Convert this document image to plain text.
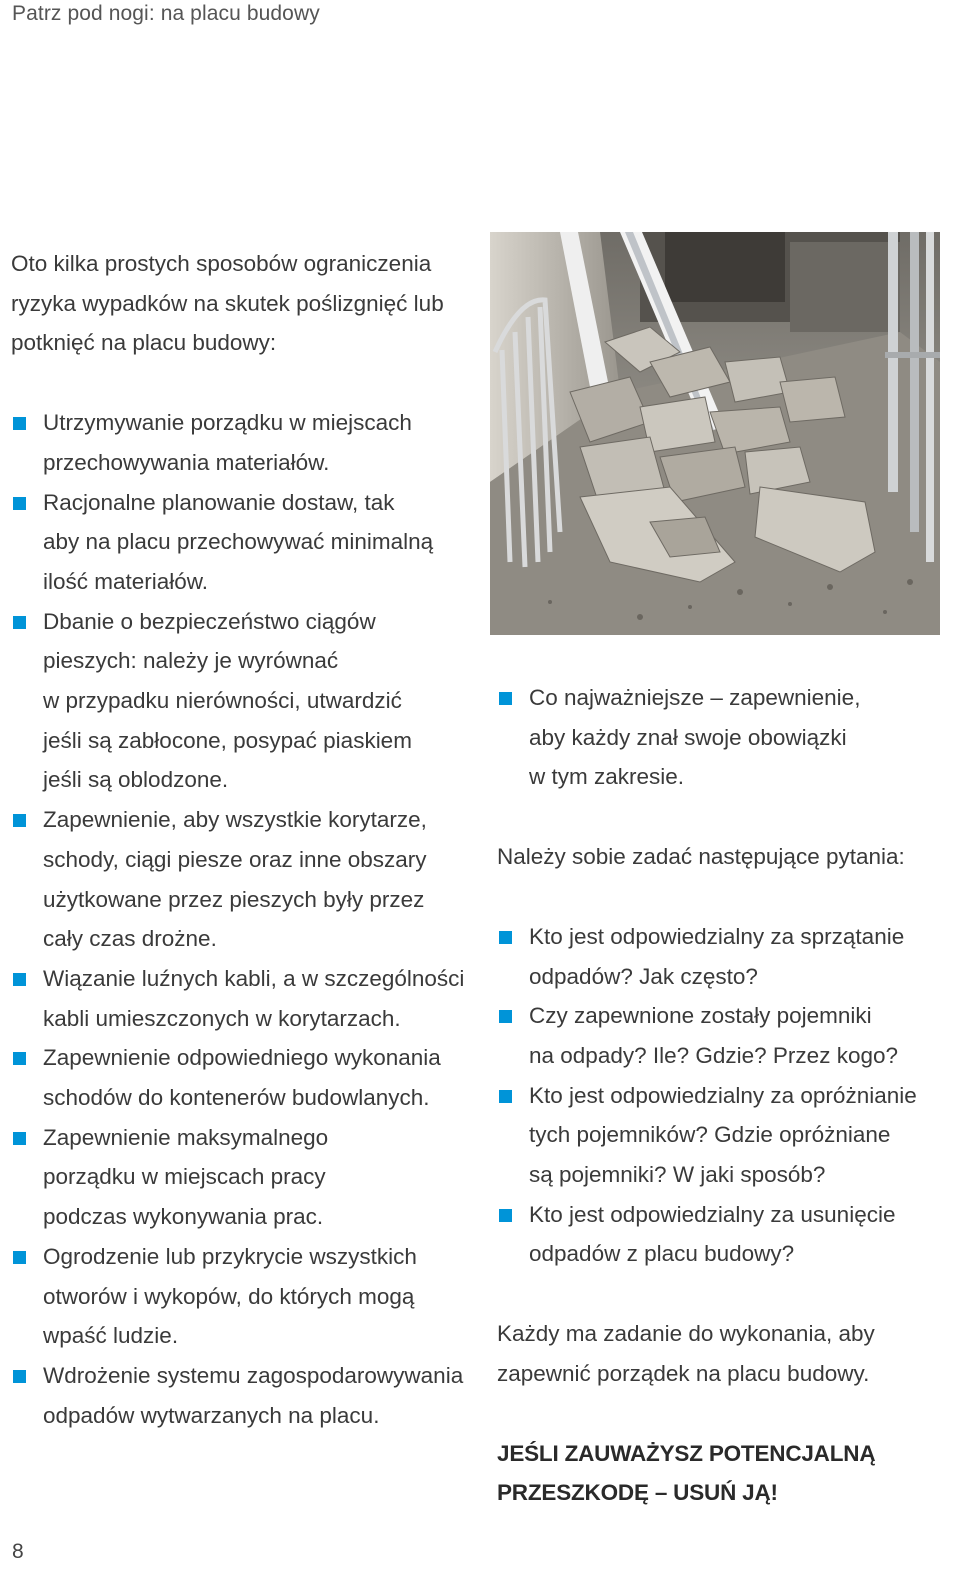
Patrz pod nogi: na placu budowy
Oto kilka prostych sposobów ograniczenia
ryzyka wypadków na skutek poślizgnięć lub
potknięć na placu budowy:
Utrzymywanie porządku w miejscach
przechowywania materiałów.
Racjonalne planowanie dostaw, tak
aby na placu przechowywać minimalną
ilość materiałów.
Dbanie o bezpieczeństwo ciągów
pieszych: należy je wyrównać
w przypadku nierówności, utwardzić
jeśli są zabłocone, posypać piaskiem
jeśli są oblodzone.
Zapewnienie, aby wszystkie korytarze,
schody, ciągi piesze oraz inne obszary
użytkowane przez pieszych były przez
cały czas drożne.
Wiązanie luźnych kabli, a w szczególności
kabli umieszczonych w korytarzach.
Zapewnienie odpowiedniego wykonania
schodów do kontenerów budowlanych.
Zapewnienie maksymalnego
porządku w miejscach pracy
podczas wykonywania prac.
Ogrodzenie lub przykrycie wszystkich
otworów i wykopów, do których mogą
wpaść ludzie.
Wdrożenie systemu zagospodarowywania
odpadów wytwarzanych na placu.
Co najważniejsze – zapewnienie,
aby każdy znał swoje obowiązki
w tym zakresie.
Należy sobie zadać następujące pytania:
Kto jest odpowiedzialny za sprzątanie
odpadów? Jak często?
Czy zapewnione zostały pojemniki
na odpady? Ile? Gdzie? Przez kogo?
Kto jest odpowiedzialny za opróżnianie
tych pojemników? Gdzie opróżniane
są pojemniki? W jaki sposób?
Kto jest odpowiedzialny za usunięcie
odpadów z placu budowy?
Każdy ma zadanie do wykonania, aby
zapewnić porządek na placu budowy.
JEŚLI ZAUWAŻYSZ POTENCJALNĄ
PRZESZKODĘ – USUŃ JĄ!
8
